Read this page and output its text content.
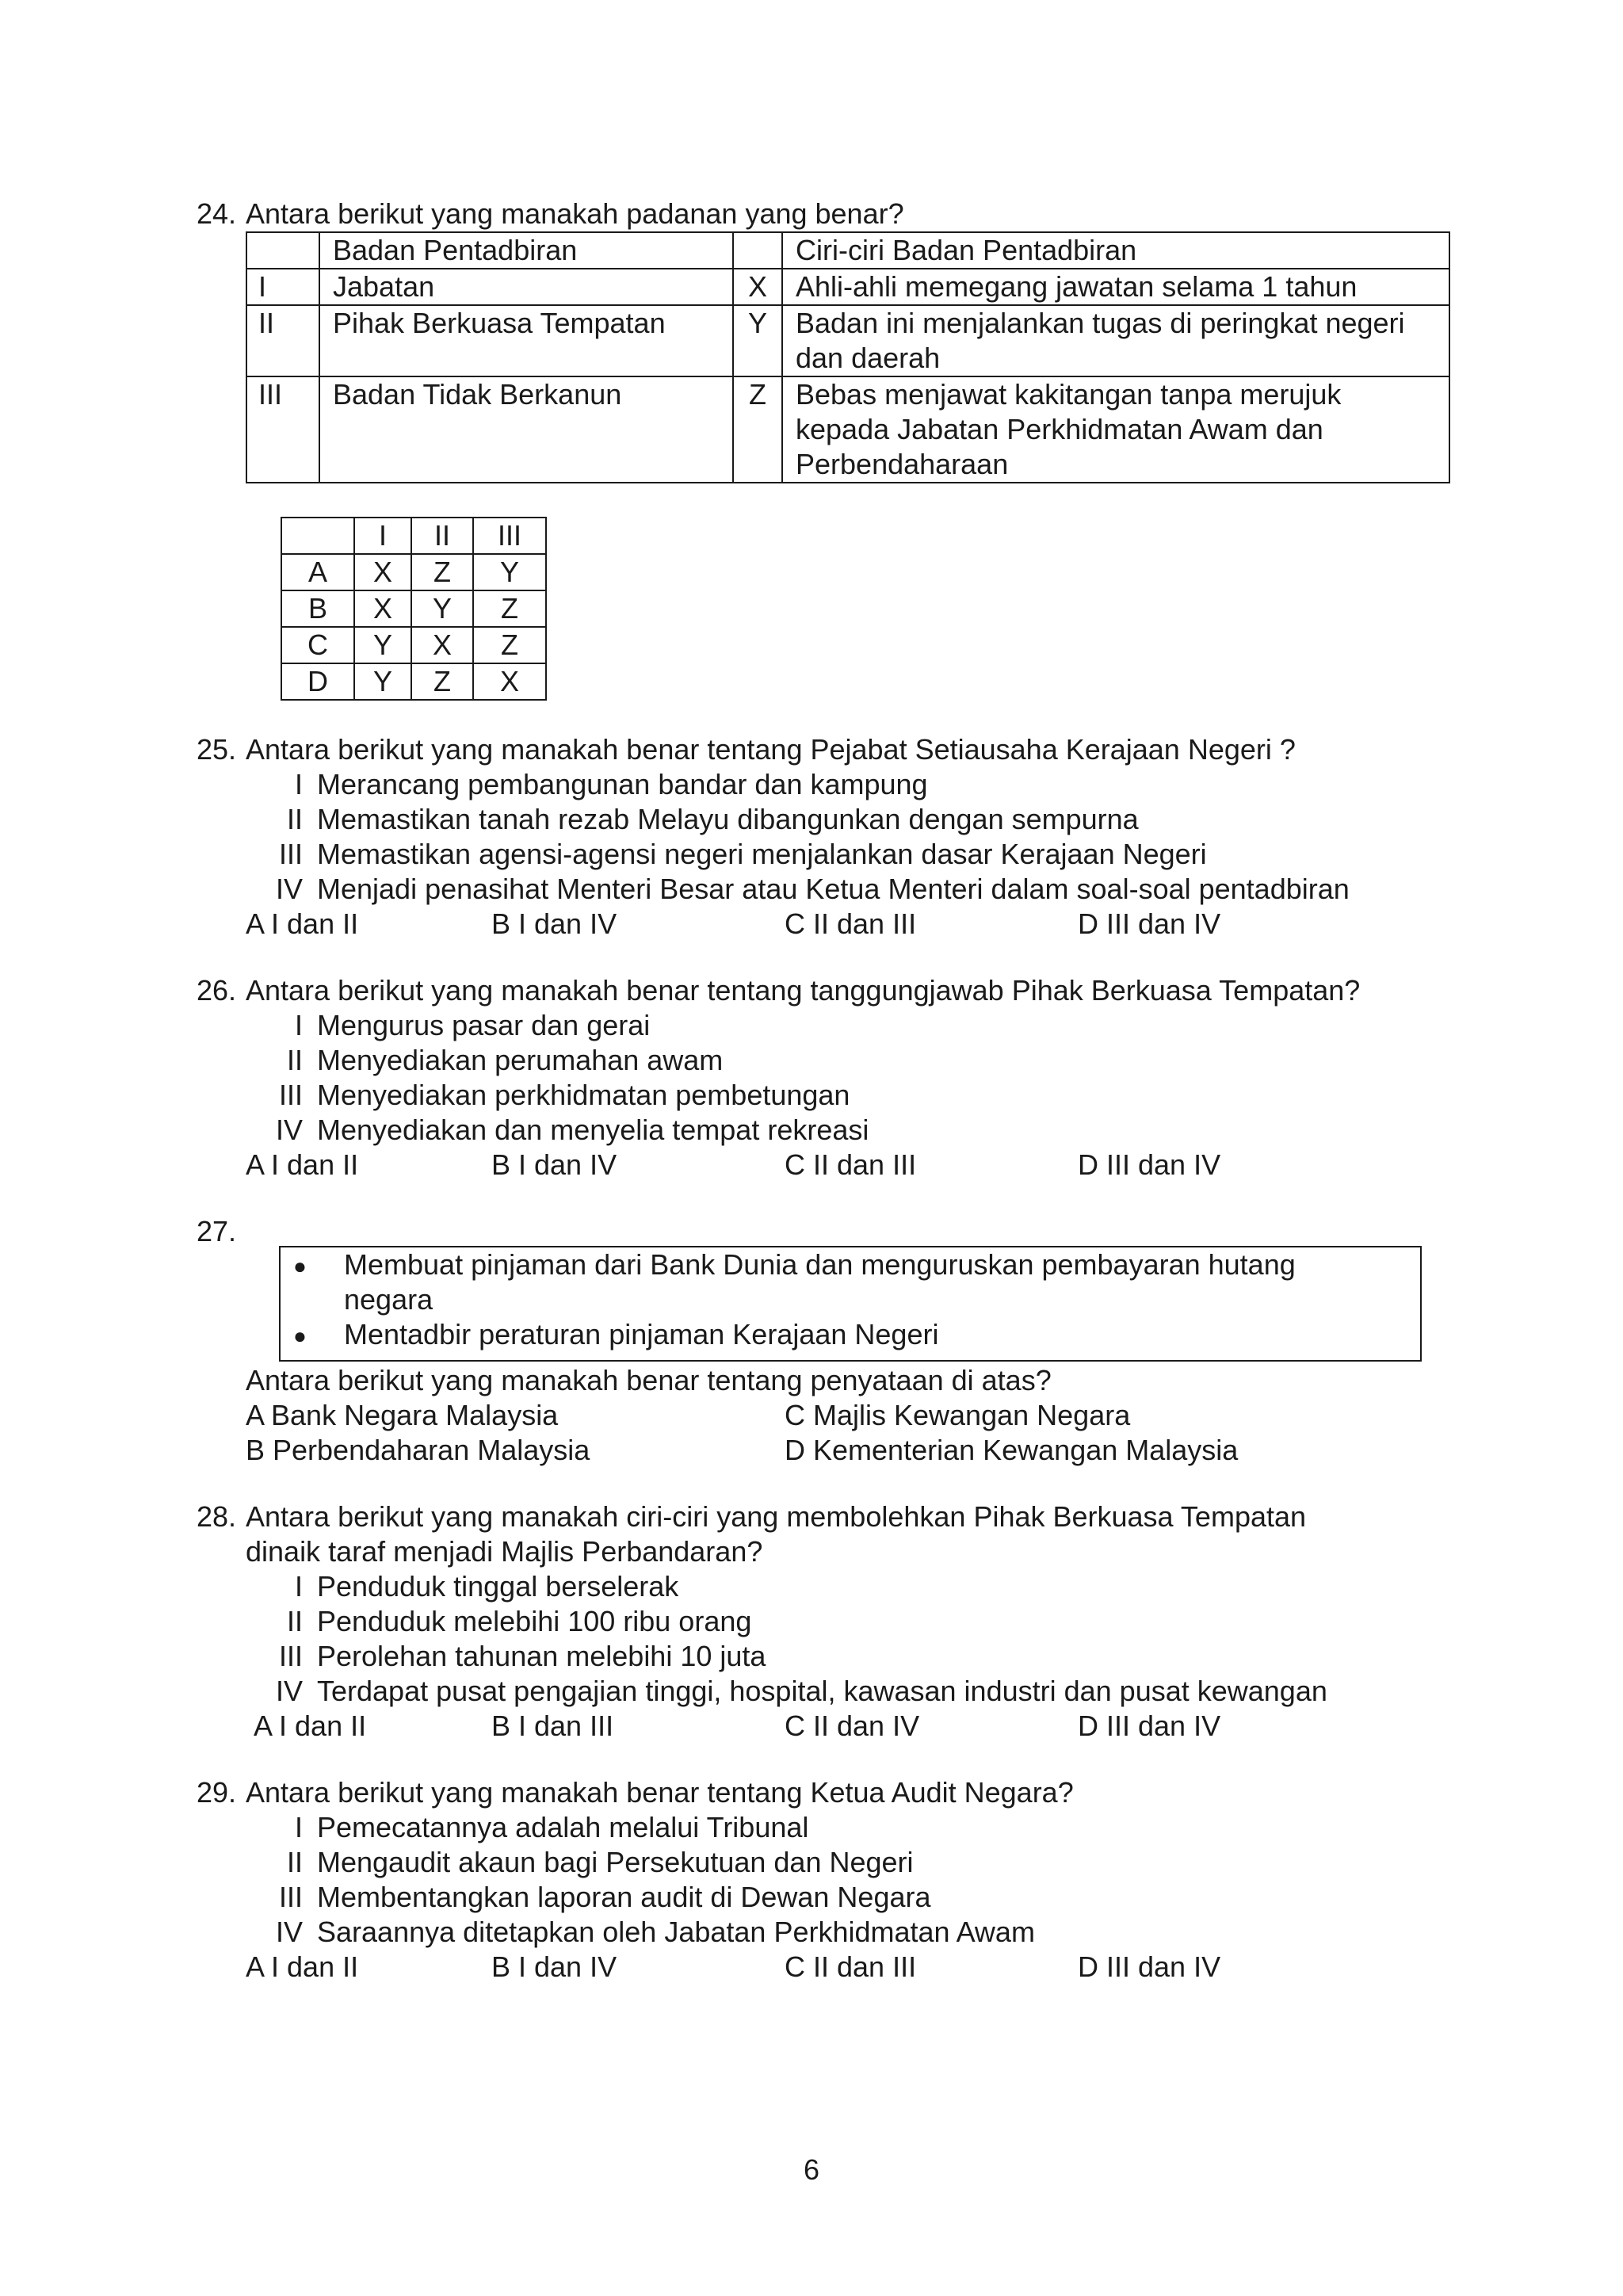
24. Antara berikut yang manakah padanan yang benar?
	Badan Pentadbiran		Ciri-ciri Badan Pentadbiran
I	Jabatan	X	Ahli-ahli memegang jawatan selama 1 tahun
II	Pihak Berkuasa Tempatan	Y	Badan ini menjalankan tugas di peringkat negeri
dan daerah

III	Badan Tidak Berkanun	Z	Bebas menjawat kakitangan tanpa merujuk
kepada Jabatan Perkhidmatan Awam dan
Perbendaharaan
	I	II	III
A	X	Z	Y
B	X	Y	Z
C	Y	X	Z
D	Y	Z	X
25. Antara berikut yang manakah benar tentang Pejabat Setiausaha Kerajaan Negeri ?
I Merancang pembangunan bandar dan kampung
II Memastikan tanah rezab Melayu dibangunkan dengan sempurna
III Memastikan agensi-agensi negeri menjalankan dasar Kerajaan Negeri
IV Menjadi penasihat Menteri Besar atau Ketua Menteri dalam soal-soal pentadbiran
A I dan II	B I dan IV	C II dan III	D III dan IV
26. Antara berikut yang manakah benar tentang tanggungjawab Pihak Berkuasa Tempatan?
I Mengurus pasar dan gerai
II Menyediakan perumahan awam
III Menyediakan perkhidmatan pembetungan
IV Menyediakan dan menyelia tempat rekreasi
A I dan II	B I dan IV	C II dan III	D III dan IV
27.
● Membuat pinjaman dari Bank Dunia dan menguruskan pembayaran hutang
negara
● Mentadbir peraturan pinjaman Kerajaan Negeri
Antara berikut yang manakah benar tentang penyataan di atas?
A Bank Negara Malaysia	C Majlis Kewangan Negara
B Perbendaharan Malaysia	D Kementerian Kewangan Malaysia
28. Antara berikut yang manakah ciri-ciri yang membolehkan Pihak Berkuasa Tempatan
dinaik taraf menjadi Majlis Perbandaran?
I Penduduk tinggal berselerak
II Penduduk melebihi 100 ribu orang
III Perolehan tahunan melebihi 10 juta
IV Terdapat pusat pengajian tinggi, hospital, kawasan industri dan pusat kewangan
A I dan II	B I dan III	C II dan IV	D III dan IV
29. Antara berikut yang manakah benar tentang Ketua Audit Negara?
I Pemecatannya adalah melalui Tribunal
II Mengaudit akaun bagi Persekutuan dan Negeri
III Membentangkan laporan audit di Dewan Negara
IV Saraannya ditetapkan oleh Jabatan Perkhidmatan Awam
A I dan II	B I dan IV	C II dan III	D III dan IV
6
